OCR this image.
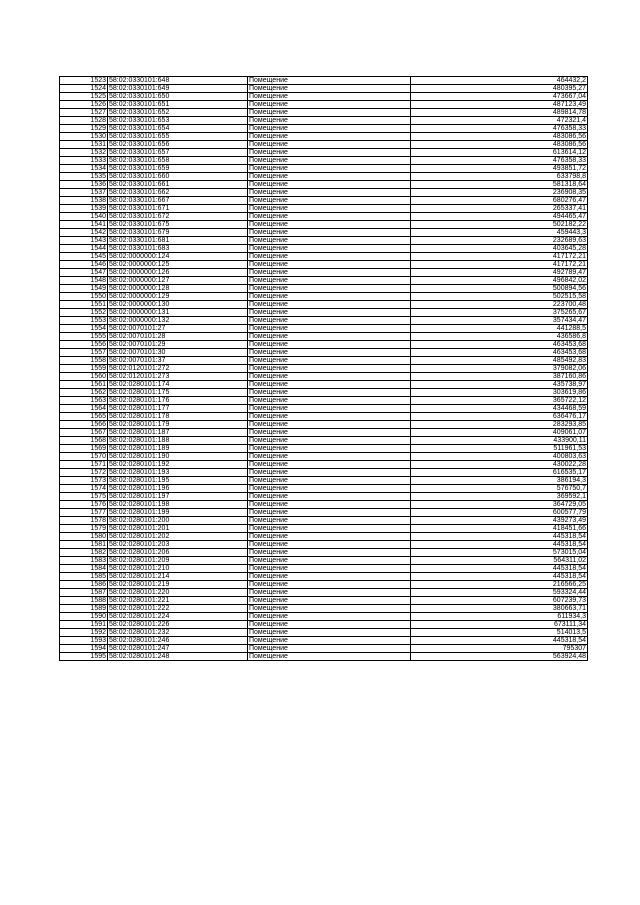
1523	58:02:0330101:648	Помещение	464432,2
1524	58:02:0330101:649	Помещение	480395,27
1525	58:02:0330101:650	Помещение	473667,04
1526	58:02:0330101:651	Помещение	487123,49
1527	58:02:0330101:652	Помещение	489814,78
1528	58:02:0330101:653	Помещение	472321,4
1529	58:02:0330101:654	Помещение	476358,33
1530	58:02:0330101:655	Помещение	483086,56
1531	58:02:0330101:656	Помещение	483086,56
1532	58:02:0330101:657	Помещение	613614,12
1533	58:02:0330101:658	Помещение	476358,33
1534	58:02:0330101:659	Помещение	493851,72
1535	58:02:0330101:660	Помещение	633798,8
1536	58:02:0330101:661	Помещение	581318,64
1537	58:02:0330101:662	Помещение	236908,35
1538	58:02:0330101:667	Помещение	680276,47
1539	58:02:0330101:671	Помещение	265337,41
1540	58:02:0330101:672	Помещение	494465,47
1541	58:02:0330101:675	Помещение	502182,22
1542	58:02:0330101:679	Помещение	459443,3
1543	58:02:0330101:681	Помещение	232689,63
1544	58:02:0330101:683	Помещение	403645,28
1545	58:02:0000000:124	Помещение	417172,21
1546	58:02:0000000:125	Помещение	417172,21
1547	58:02:0000000:126	Помещение	492789,47
1548	58:02:0000000:127	Помещение	496842,02
1549	58:02:0000000:128	Помещение	500894,56
1550	58:02:0000000:129	Помещение	502515,58
1551	58:02:0000000:130	Помещение	223700,48
1552	58:02:0000000:131	Помещение	375265,67
1553	58:02:0000000:132	Помещение	357434,47
1554	58:02:0070101:27	Помещение	441288,5
1555	58:02:0070101:28	Помещение	436586,8
1556	58:02:0070101:29	Помещение	463453,68
1557	58:02:0070101:30	Помещение	463453,68
1558	58:02:0070101:37	Помещение	485492,83
1559	58:02:0120101:272	Помещение	379082,06
1560	58:02:0120101:273	Помещение	387160,86
1561	58:02:0280101:174	Помещение	435738,97
1562	58:02:0280101:175	Помещение	303619,86
1563	58:02:0280101:176	Помещение	365722,12
1564	58:02:0280101:177	Помещение	434468,59
1565	58:02:0280101:178	Помещение	636476,17
1566	58:02:0280101:179	Помещение	283293,85
1567	58:02:0280101:187	Помещение	409061,07
1568	58:02:0280101:188	Помещение	433900,11
1569	58:02:0280101:189	Помещение	511961,53
1570	58:02:0280101:190	Помещение	400803,63
1571	58:02:0280101:192	Помещение	430022,28
1572	58:02:0280101:193	Помещение	616535,17
1573	58:02:0280101:195	Помещение	386194,3
1574	58:02:0280101:196	Помещение	576750,7
1575	58:02:0280101:197	Помещение	369592,1
1576	58:02:0280101:198	Помещение	364729,05
1577	58:02:0280101:199	Помещение	600577,79
1578	58:02:0280101:200	Помещение	439273,49
1579	58:02:0280101:201	Помещение	418451,66
1580	58:02:0280101:202	Помещение	445318,54
1581	58:02:0280101:203	Помещение	445318,54
1582	58:02:0280101:206	Помещение	573015,04
1583	58:02:0280101:209	Помещение	564311,02
1584	58:02:0280101:210	Помещение	445318,54
1585	58:02:0280101:214	Помещение	445318,54
1586	58:02:0280101:219	Помещение	216566,25
1587	58:02:0280101:220	Помещение	593324,44
1588	58:02:0280101:221	Помещение	607239,73
1589	58:02:0280101:222	Помещение	380663,71
1590	58:02:0280101:224	Помещение	611934,3
1591	58:02:0280101:226	Помещение	673111,34
1592	58:02:0280101:232	Помещение	514013,5
1593	58:02:0280101:246	Помещение	445318,54
1594	58:02:0280101:247	Помещение	795307
1595	58:02:0280101:248	Помещение	563924,48
